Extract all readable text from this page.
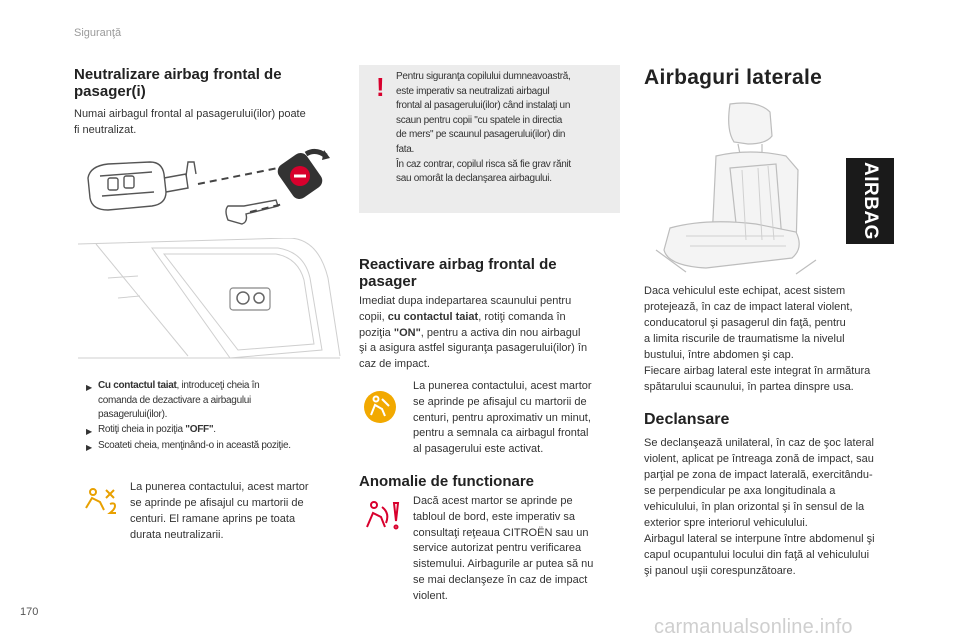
Siguranţă
170
carmanualsonline.info
Neutralizare airbag frontal de
pasager(i)
Numai airbagul frontal al pasagerului(ilor) poate
fi neutralizat.
▶ Cu contactul taiat, introduceţi cheia în
comanda de dezactivare a airbagului
pasagerului(ilor).
▶ Rotiţi cheia in poziţia "OFF".
▶ Scoateti cheia, menţinând-o in această poziţie.
La punerea contactului, acest martor
se aprinde pe afisajul cu martorii de
centuri. El ramane aprins pe toata
durata neutralizarii.
! Pentru siguranţa copilului dumneavoastră,
este imperativ sa neutralizati airbagul
frontal al pasagerului(ilor) când instalaţi un
scaun pentru copii "cu spatele in directia
de mers" pe scaunul pasagerului(ilor) din
fata.
În caz contrar, copilul risca să fie grav rănit
sau omorât la declanşarea airbagului.
Reactivare airbag frontal de
pasager
Imediat dupa indepartarea scaunului pentru
copii, cu contactul taiat, rotiţi comanda în
poziţia "ON", pentru a activa din nou airbagul
şi a asigura astfel siguranţa pasagerului(ilor) în
caz de impact.
La punerea contactului, acest martor
se aprinde pe afisajul cu martorii de
centuri, pentru aproximativ un minut,
pentru a semnala ca airbagul frontal
al pasagerului este activat.
Anomalie de functionare
Dacă acest martor se aprinde pe
tabloul de bord, este imperativ sa
consultaţi reţeaua CITROËN sau un
service autorizat pentru verificarea
sistemului. Airbagurile ar putea să nu
se mai declanşeze în caz de impact
violent.
Airbaguri laterale
AIRBAG
Daca vehiculul este echipat, acest sistem
protejează, în caz de impact lateral violent,
conducatorul şi pasagerul din faţă, pentru
a limita riscurile de traumatisme la nivelul
bustului, între abdomen şi cap.
Fiecare airbag lateral este integrat în armătura
spătarului scaunului, în partea dinspre usa.
Declansare
Se declanşează unilateral, în caz de şoc lateral
violent, aplicat pe întreaga zonă de impact, sau
parţial pe zona de impact laterală, exercitându-
se perpendicular pe axa longitudinala a
vehiculului, în plan orizontal şi în sensul de la
exterior spre interiorul vehiculului.
Airbagul lateral se interpune între abdomenul şi
capul ocupantului locului din faţă al vehiculului
şi panoul uşii corespunzătoare.
